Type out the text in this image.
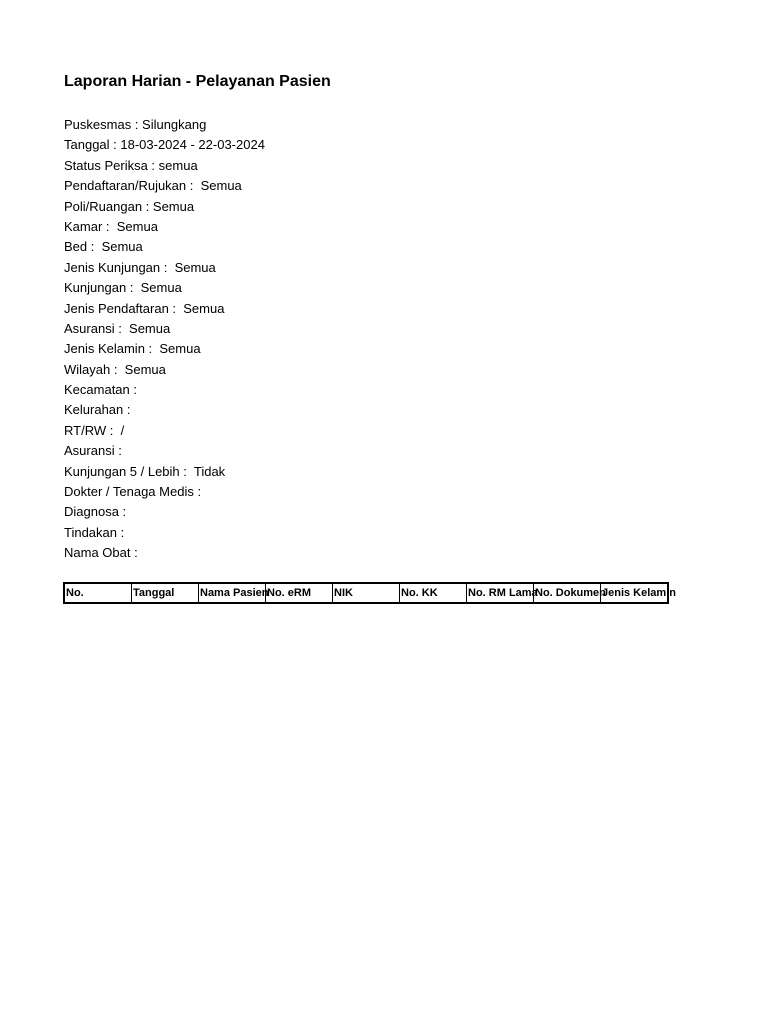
Laporan Harian - Pelayanan Pasien
Puskesmas : Silungkang
Tanggal : 18-03-2024 - 22-03-2024
Status Periksa : semua
Pendaftaran/Rujukan :  Semua
Poli/Ruangan : Semua
Kamar :  Semua
Bed :  Semua
Jenis Kunjungan :  Semua
Kunjungan :  Semua
Jenis Pendaftaran :  Semua
Asuransi :  Semua
Jenis Kelamin :  Semua
Wilayah :  Semua
Kecamatan :
Kelurahan :
RT/RW :  /
Asuransi :
Kunjungan 5 / Lebih :  Tidak
Dokter / Tenaga Medis :
Diagnosa :
Tindakan :
Nama Obat :
No.	Tanggal	Nama Pasien	No. eRM	NIK	No. KK	No. RM Lama	No. Dokumen	Jenis Kelamin
